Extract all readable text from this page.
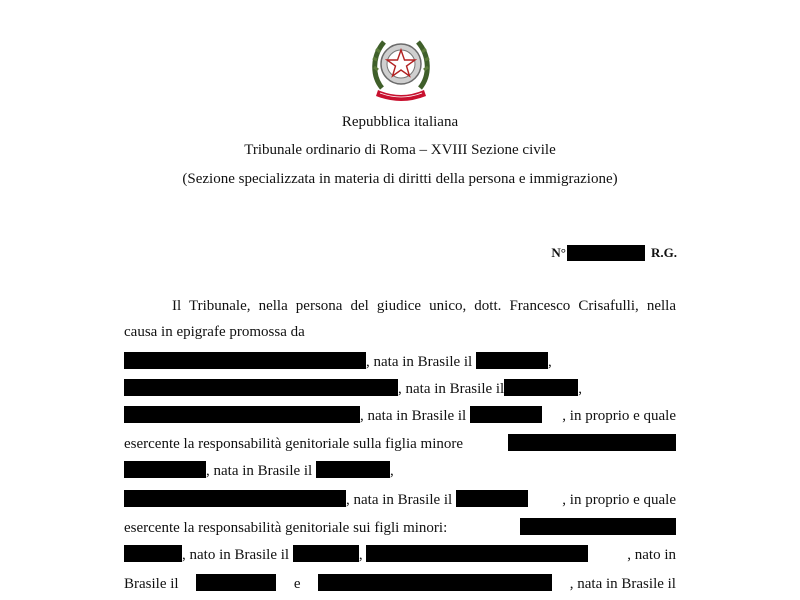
Repubblica italiana
Tribunale ordinario di Roma – XVIII Sezione civile
(Sezione specializzata in materia di diritti della persona e immigrazione)
N°	R.G.
Il Tribunale, nella persona del giudice unico, dott. Francesco Crisafulli, nella
causa in epigrafe promossa da
, nata in Brasile il	,
, nata in Brasile il	,
, nata in Brasile il	, in proprio e quale
esercente la responsabilità genitoriale sulla figlia minore
, nata in Brasile il	,
, nata in Brasile il	, in proprio e quale
esercente la responsabilità genitoriale sui figli minori:
, nato in Brasile il	,	, nato in
Brasile il	e	, nata in Brasile il
